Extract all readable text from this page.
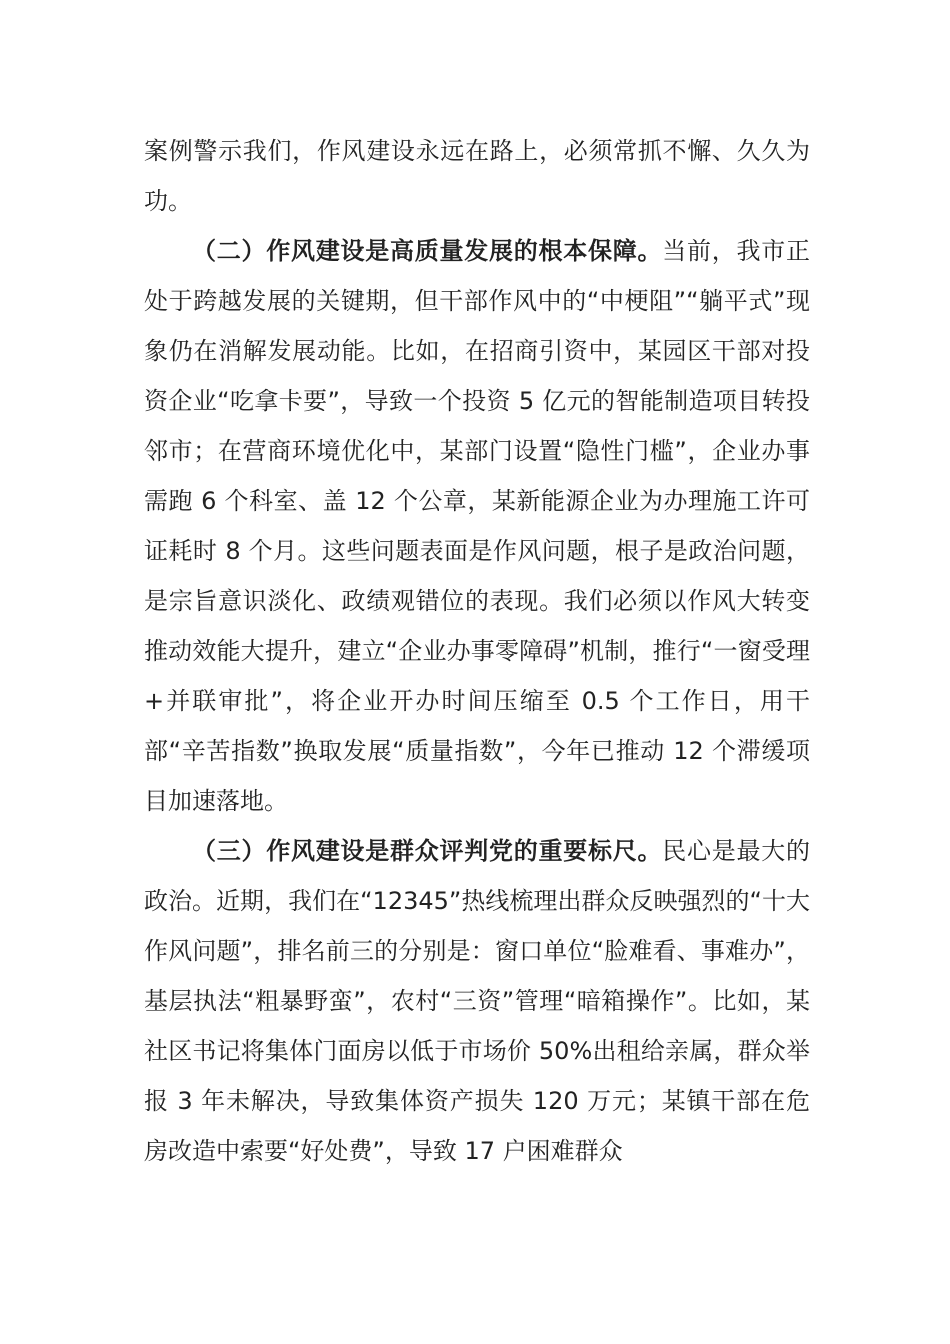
案例警示我们，作风建设永远在路上，必须常抓不懈、久久为功。

（二）作风建设是高质量发展的根本保障。当前，我市正处于跨越发展的关键期，但干部作风中的“中梗阻”“躺平式”现象仍在消解发展动能。比如，在招商引资中，某园区干部对投资企业“吃拿卡要”，导致一个投资 5 亿元的智能制造项目转投邻市；在营商环境优化中，某部门设置“隐性门槛”，企业办事需跑 6 个科室、盖 12 个公章，某新能源企业为办理施工许可证耗时 8 个月。这些问题表面是作风问题，根子是政治问题，是宗旨意识淡化、政绩观错位的表现。我们必须以作风大转变推动效能大提升，建立“企业办事零障碍”机制，推行“一窗受理+并联审批”，将企业开办时间压缩至 0.5 个工作日，用干部“辛苦指数”换取发展“质量指数”，今年已推动 12 个滞缓项目加速落地。

（三）作风建设是群众评判党的重要标尺。民心是最大的政治。近期，我们在“12345”热线梳理出群众反映强烈的“十大作风问题”，排名前三的分别是：窗口单位“脸难看、事难办”，基层执法“粗暴野蛮”，农村“三资”管理“暗箱操作”。比如，某社区书记将集体门面房以低于市场价 50%出租给亲属，群众举报 3 年未解决，导致集体资产损失 120 万元；某镇干部在危房改造中索要“好处费”，导致 17 户困难群众
